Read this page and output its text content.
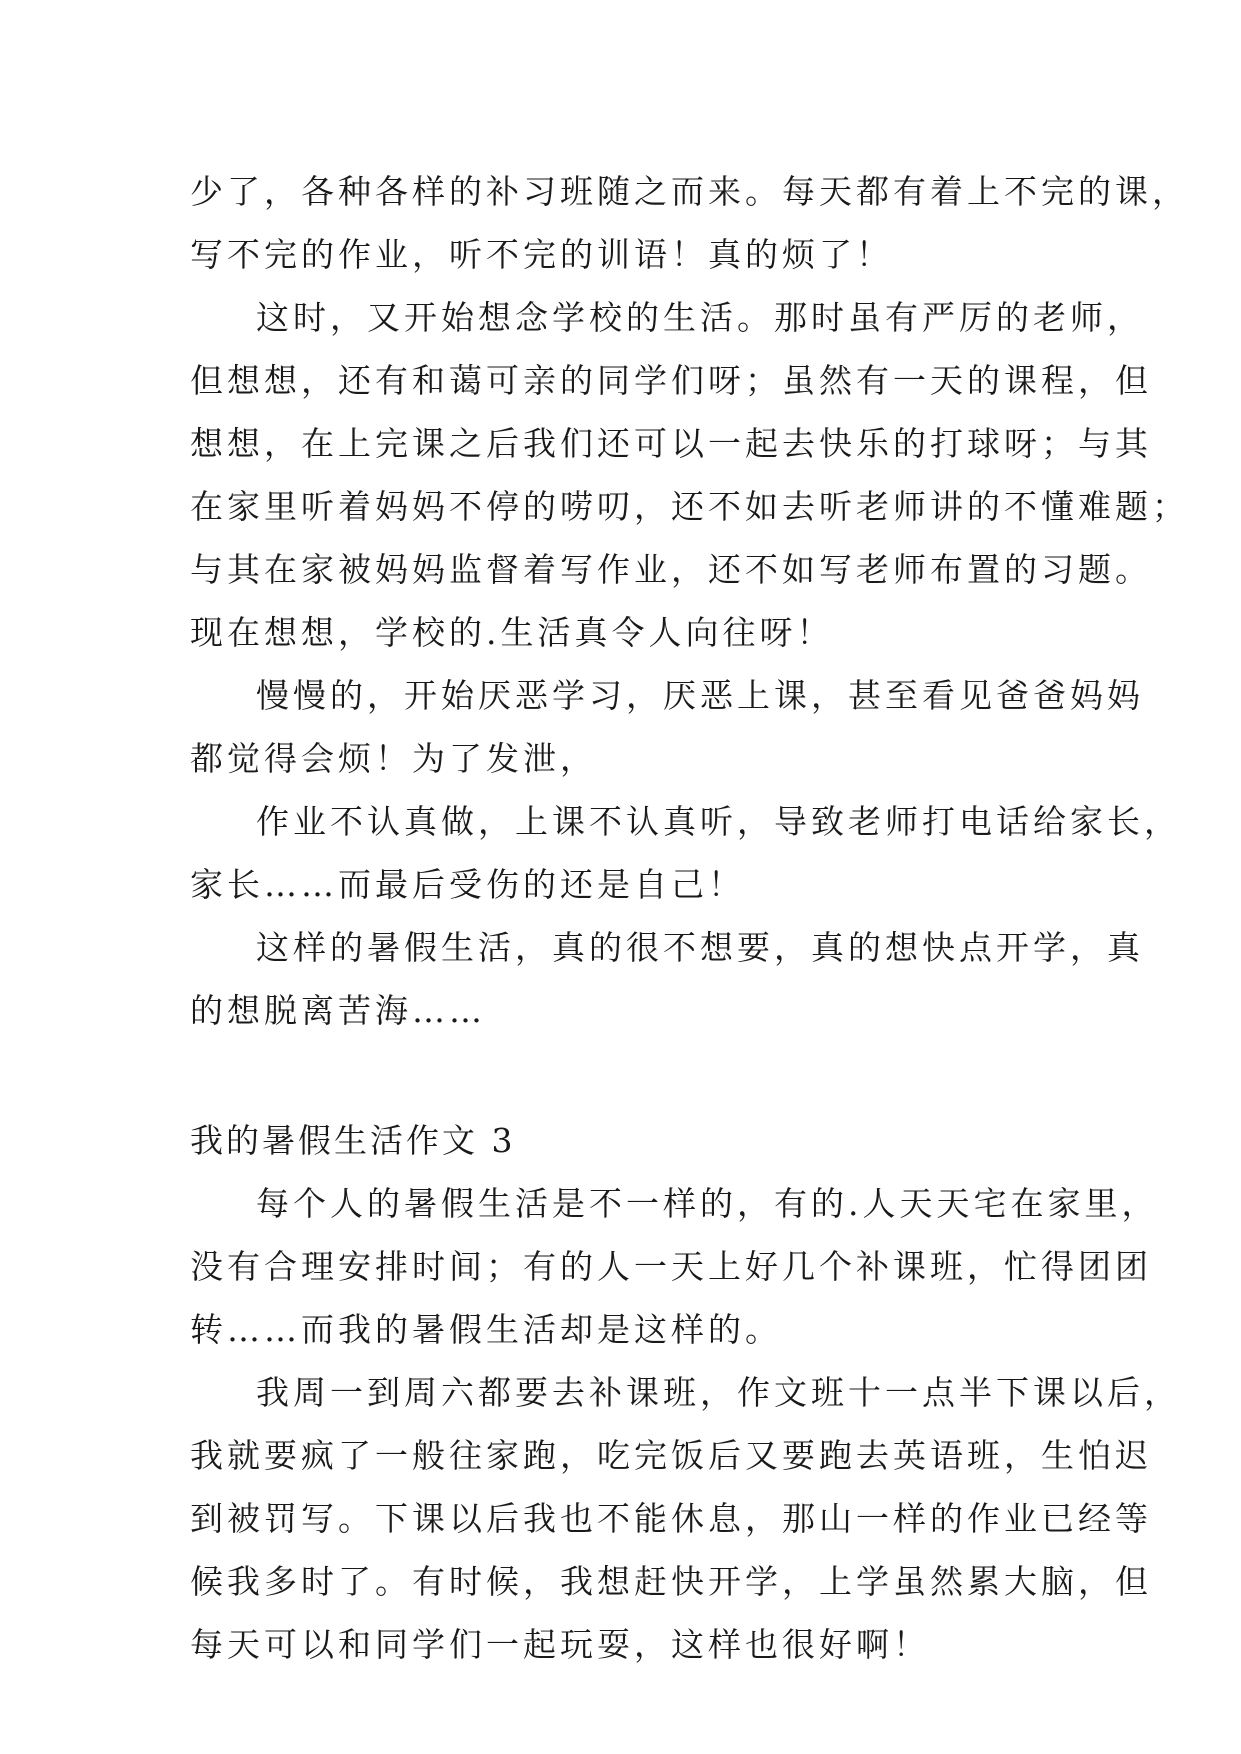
少了，各种各样的补习班随之而来。每天都有着上不完的课，
写不完的作业，听不完的训语！真的烦了！
这时，又开始想念学校的生活。那时虽有严厉的老师，
但想想，还有和蔼可亲的同学们呀；虽然有一天的课程，但
想想，在上完课之后我们还可以一起去快乐的打球呀；与其
在家里听着妈妈不停的唠叨，还不如去听老师讲的不懂难题；
与其在家被妈妈监督着写作业，还不如写老师布置的习题。
现在想想，学校的.生活真令人向往呀！
慢慢的，开始厌恶学习，厌恶上课，甚至看见爸爸妈妈
都觉得会烦！为了发泄，
作业不认真做，上课不认真听，导致老师打电话给家长，
家长……而最后受伤的还是自己！
这样的暑假生活，真的很不想要，真的想快点开学，真
的想脱离苦海……
我的暑假生活作文 3
每个人的暑假生活是不一样的，有的.人天天宅在家里，
没有合理安排时间；有的人一天上好几个补课班，忙得团团
转……而我的暑假生活却是这样的。
我周一到周六都要去补课班，作文班十一点半下课以后，
我就要疯了一般往家跑，吃完饭后又要跑去英语班，生怕迟
到被罚写。下课以后我也不能休息，那山一样的作业已经等
候我多时了。有时候，我想赶快开学，上学虽然累大脑，但
每天可以和同学们一起玩耍，这样也很好啊！
